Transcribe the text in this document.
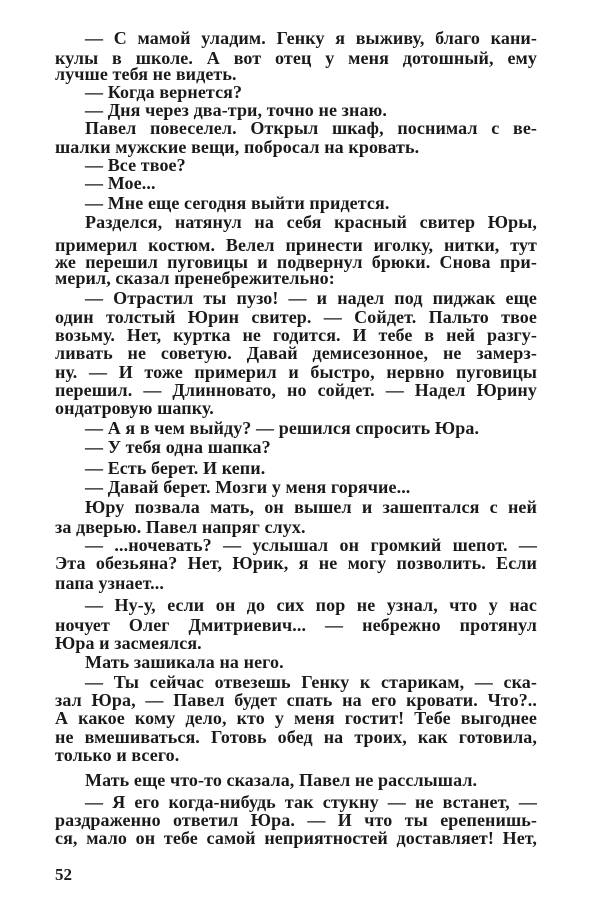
— С мамой уладим. Генку я выживу, благо кани-
кулы в школе. А вот отец у меня дотошный, ему
лучше тебя не видеть.
— Когда вернется?
— Дня через два-три, точно не знаю.
Павел повеселел. Открыл шкаф, поснимал с ве-
шалки мужские вещи, побросал на кровать.
— Все твое?
— Мое...
— Мне еще сегодня выйти придется.
Разделся, натянул на себя красный свитер Юры,
примерил костюм. Велел принести иголку, нитки, тут
же перешил пуговицы и подвернул брюки. Снова при-
мерил, сказал пренебрежительно:
— Отрастил ты пузо! — и надел под пиджак еще
один толстый Юрин свитер. — Сойдет. Пальто твое
возьму. Нет, куртка не годится. И тебе в ней разгу-
ливать не советую. Давай демисезонное, не замерз-
ну. — И тоже примерил и быстро, нервно пуговицы
перешил. — Длинновато, но сойдет. — Надел Юрину
ондатровую шапку.
— А я в чем выйду? — решился спросить Юра.
— У тебя одна шапка?
— Есть берет. И кепи.
— Давай берет. Мозги у меня горячие...
Юру позвала мать, он вышел и зашептался с ней
за дверью. Павел напряг слух.
— ...ночевать? — услышал он громкий шепот. —
Эта обезьяна? Нет, Юрик, я не могу позволить. Если
папа узнает...
— Ну-у, если он до сих пор не узнал, что у нас
ночует Олег Дмитриевич... — небрежно протянул
Юра и засмеялся.
Мать зашикала на него.
— Ты сейчас отвезешь Генку к старикам, — ска-
зал Юра, — Павел будет спать на его кровати. Что?..
А какое кому дело, кто у меня гостит! Тебе выгоднее
не вмешиваться. Готовь обед на троих, как готовила,
только и всего.
Мать еще что-то сказала, Павел не расслышал.
— Я его когда-нибудь так стукну — не встанет, —
раздраженно ответил Юра. — И что ты ерепенишь-
ся, мало он тебе самой неприятностей доставляет! Нет,
52
